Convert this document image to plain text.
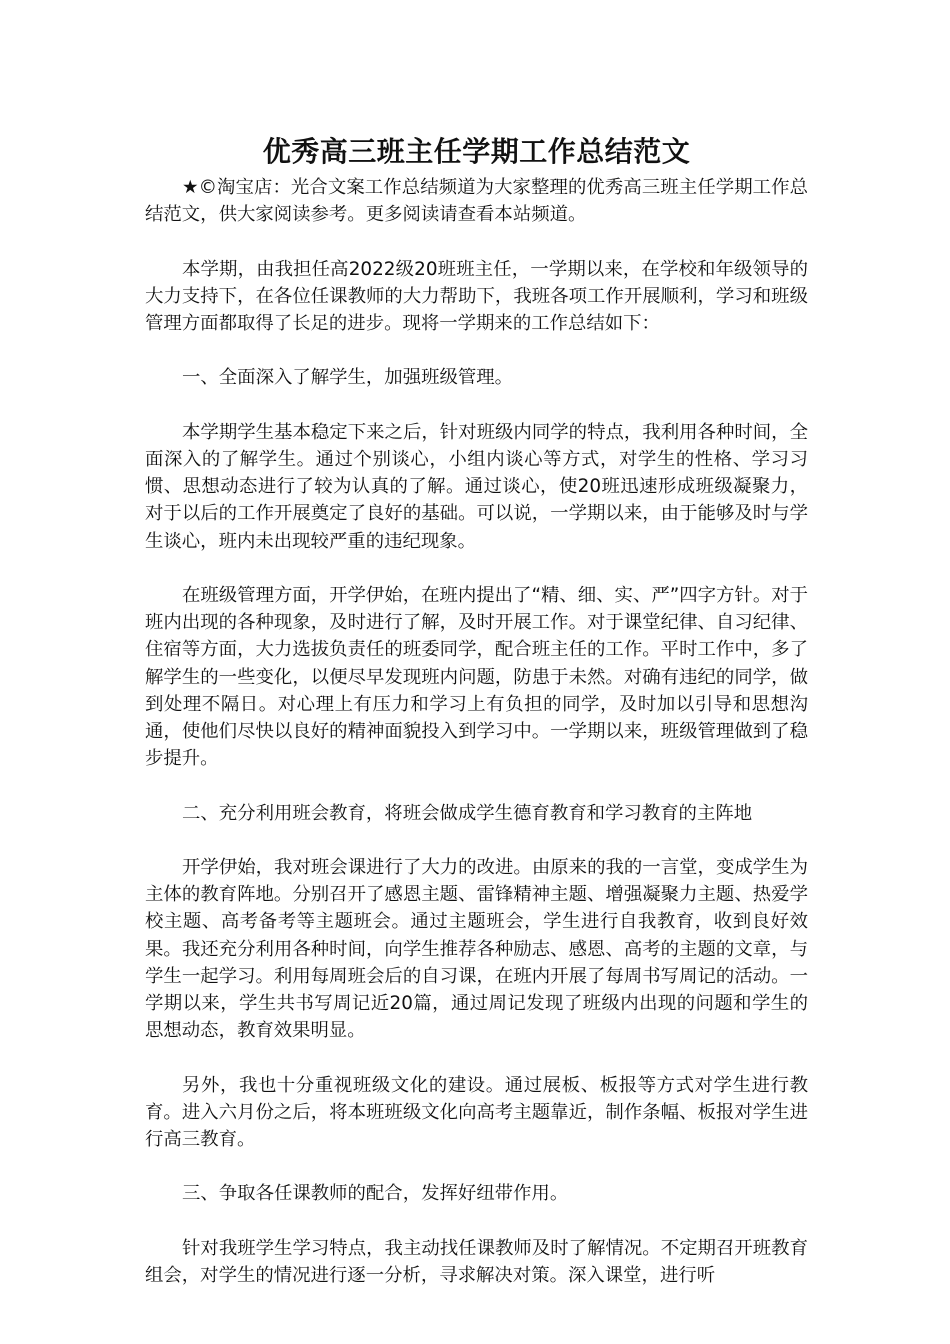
优秀高三班主任学期工作总结范文

★©淘宝店：光合文案工作总结频道为大家整理的优秀高三班主任学期工作总结范文，供大家阅读参考。更多阅读请查看本站频道。

本学期，由我担任高2022级20班班主任，一学期以来，在学校和年级领导的大力支持下，在各位任课教师的大力帮助下，我班各项工作开展顺利，学习和班级管理方面都取得了长足的进步。现将一学期来的工作总结如下：

一、全面深入了解学生，加强班级管理。

本学期学生基本稳定下来之后，针对班级内同学的特点，我利用各种时间，全面深入的了解学生。通过个别谈心，小组内谈心等方式，对学生的性格、学习习惯、思想动态进行了较为认真的了解。通过谈心，使20班迅速形成班级凝聚力，对于以后的工作开展奠定了良好的基础。可以说，一学期以来，由于能够及时与学生谈心，班内未出现较严重的违纪现象。

在班级管理方面，开学伊始，在班内提出了“精、细、实、严”四字方针。对于班内出现的各种现象，及时进行了解，及时开展工作。对于课堂纪律、自习纪律、住宿等方面，大力选拔负责任的班委同学，配合班主任的工作。平时工作中，多了解学生的一些变化，以便尽早发现班内问题，防患于未然。对确有违纪的同学，做到处理不隔日。对心理上有压力和学习上有负担的同学，及时加以引导和思想沟通，使他们尽快以良好的精神面貌投入到学习中。一学期以来，班级管理做到了稳步提升。

二、充分利用班会教育，将班会做成学生德育教育和学习教育的主阵地

开学伊始，我对班会课进行了大力的改进。由原来的我的一言堂，变成学生为主体的教育阵地。分别召开了感恩主题、雷锋精神主题、增强凝聚力主题、热爱学校主题、高考备考等主题班会。通过主题班会，学生进行自我教育，收到良好效果。我还充分利用各种时间，向学生推荐各种励志、感恩、高考的主题的文章，与学生一起学习。利用每周班会后的自习课，在班内开展了每周书写周记的活动。一学期以来，学生共书写周记近20篇，通过周记发现了班级内出现的问题和学生的思想动态，教育效果明显。

另外，我也十分重视班级文化的建设。通过展板、板报等方式对学生进行教育。进入六月份之后，将本班班级文化向高考主题靠近，制作条幅、板报对学生进行高三教育。

三、争取各任课教师的配合，发挥好纽带作用。

针对我班学生学习特点，我主动找任课教师及时了解情况。不定期召开班教育组会，对学生的情况进行逐一分析，寻求解决对策。深入课堂，进行听
